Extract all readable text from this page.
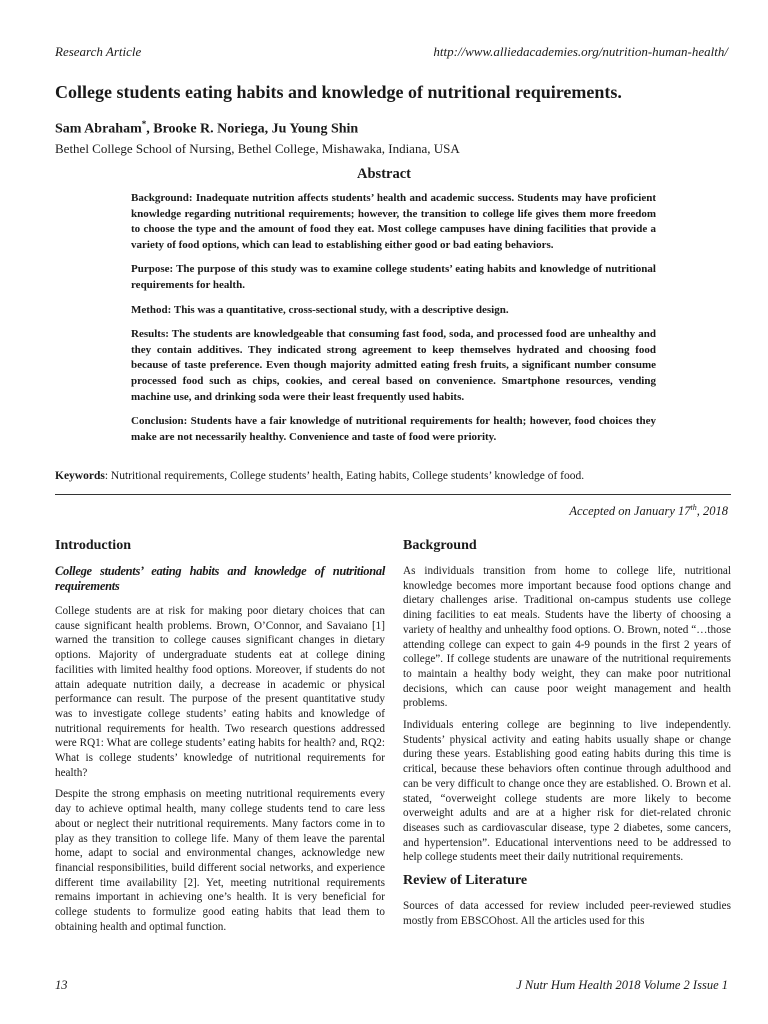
Research Article	http://www.alliedacademies.org/nutrition-human-health/
College students eating habits and knowledge of nutritional requirements.
Sam Abraham*, Brooke R. Noriega, Ju Young Shin
Bethel College School of Nursing, Bethel College, Mishawaka, Indiana, USA
Abstract

Background: Inadequate nutrition affects students’ health and academic success. Students may have proficient knowledge regarding nutritional requirements; however, the transition to college life gives them more freedom to choose the type and the amount of food they eat. Most college campuses have dining facilities that provide a variety of food options, which can lead to establishing either good or bad eating behaviors.

Purpose: The purpose of this study was to examine college students’ eating habits and knowledge of nutritional requirements for health.

Method: This was a quantitative, cross-sectional study, with a descriptive design.

Results: The students are knowledgeable that consuming fast food, soda, and processed food are unhealthy and they contain additives. They indicated strong agreement to keep themselves hydrated and choosing food because of taste preference. Even though majority admitted eating fresh fruits, a significant number consume processed food such as chips, cookies, and cereal based on convenience. Smartphone resources, vending machine use, and drinking soda were their least frequently used habits.

Conclusion: Students have a fair knowledge of nutritional requirements for health; however, food choices they make are not necessarily healthy. Convenience and taste of food were priority.

Keywords: Nutritional requirements, College students’ health, Eating habits, College students’ knowledge of food.
Accepted on January 17th, 2018
Introduction
College students’ eating habits and knowledge of nutritional requirements

College students are at risk for making poor dietary choices that can cause significant health problems. Brown, O’Connor, and Savaiano [1] warned the transition to college causes significant changes in dietary options. Majority of undergraduate students eat at college dining facilities with limited healthy food options. Moreover, if students do not attain adequate nutrition daily, a decrease in academic or physical performance can result. The purpose of the present quantitative study was to investigate college students’ eating habits and knowledge of nutritional requirements for health. Two research questions addressed were RQ1: What are college students’ eating habits for health? and, RQ2: What is college students’ knowledge of nutritional requirements for health?

Despite the strong emphasis on meeting nutritional requirements every day to achieve optimal health, many college students tend to care less about or neglect their nutritional requirements. Many factors come in to play as they transition to college life. Many of them leave the parental home, adapt to social and environmental changes, acknowledge new financial responsibilities, build different social networks, and experience different time availability [2]. Yet, meeting nutritional requirements remains important in achieving one’s health. It is very beneficial for college students to formulize good eating habits that lead them to obtaining health and optimal function.

Background

As individuals transition from home to college life, nutritional knowledge becomes more important because food options change and dietary challenges arise. Traditional on-campus students use college dining facilities to eat meals. Students have the liberty of choosing a variety of healthy and unhealthy food options. O. Brown, noted “…those attending college can expect to gain 4-9 pounds in the first 2 years of college”. If college students are unaware of the nutritional requirements to maintain a healthy body weight, they can make poor nutritional decisions, which can cause poor weight management and health problems.

Individuals entering college are beginning to live independently. Students’ physical activity and eating habits usually shape or change during these years. Establishing good eating habits during this time is critical, because these behaviors often continue through adulthood and can be very difficult to change once they are established. O. Brown et al. stated, “overweight college students are more likely to become overweight adults and are at a higher risk for diet-related chronic diseases such as cardiovascular disease, type 2 diabetes, some cancers, and hypertension”. Educational interventions need to be addressed to help college students meet their daily nutritional requirements.

Review of Literature

Sources of data accessed for review included peer-reviewed studies mostly from EBSCOhost. All the articles used for this

13	J Nutr Hum Health 2018 Volume 2 Issue 1
